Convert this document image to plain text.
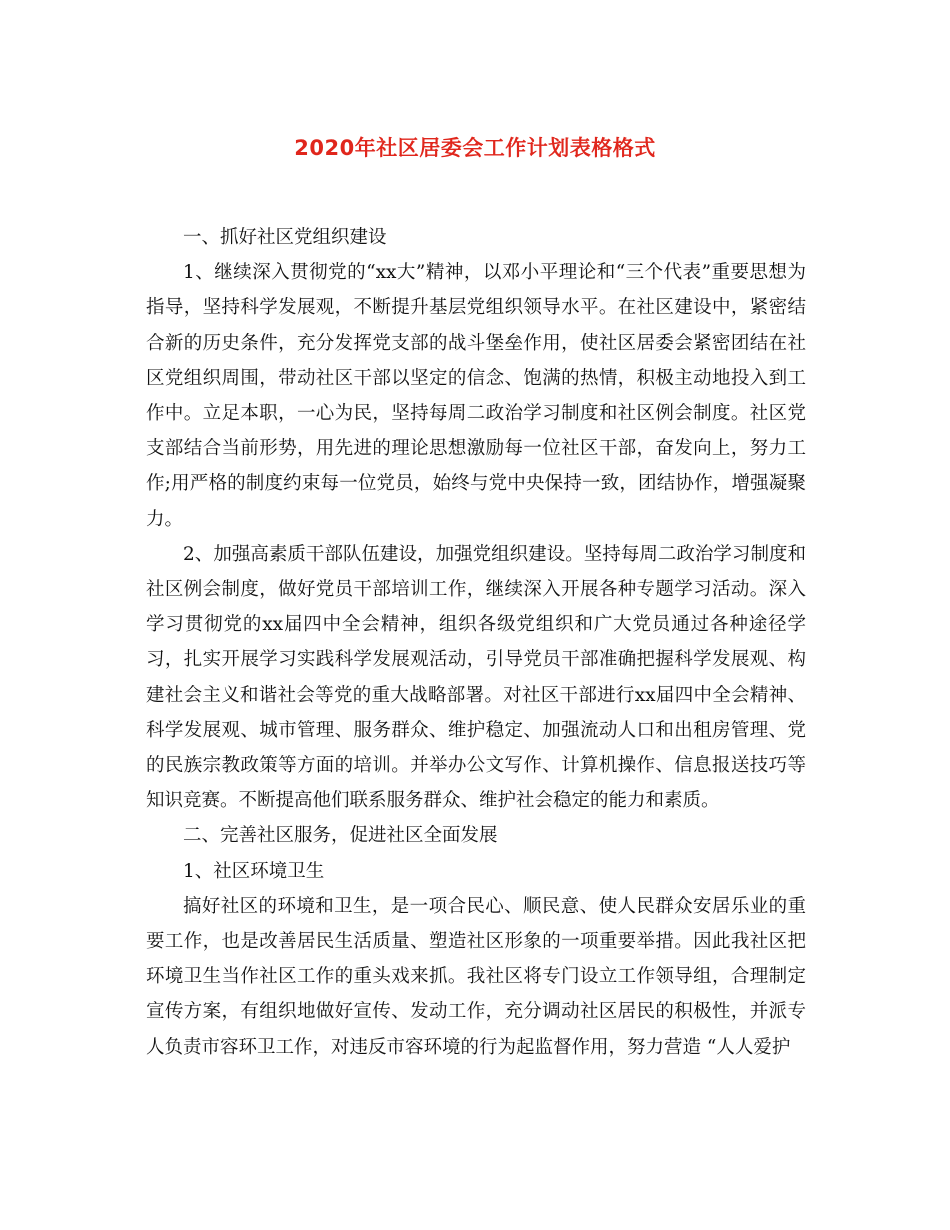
2020年社区居委会工作计划表格格式

一、抓好社区党组织建设

1、继续深入贯彻党的“xx大”精神，以邓小平理论和“三个代表”重要思想为指导，坚持科学发展观，不断提升基层党组织领导水平。在社区建设中，紧密结合新的历史条件，充分发挥党支部的战斗堡垒作用，使社区居委会紧密团结在社区党组织周围，带动社区干部以坚定的信念、饱满的热情，积极主动地投入到工作中。立足本职，一心为民，坚持每周二政治学习制度和社区例会制度。社区党支部结合当前形势，用先进的理论思想激励每一位社区干部，奋发向上，努力工作;用严格的制度约束每一位党员，始终与党中央保持一致，团结协作，增强凝聚力。

2、加强高素质干部队伍建设，加强党组织建设。坚持每周二政治学习制度和社区例会制度，做好党员干部培训工作，继续深入开展各种专题学习活动。深入学习贯彻党的xx届四中全会精神，组织各级党组织和广大党员通过各种途径学习，扎实开展学习实践科学发展观活动，引导党员干部准确把握科学发展观、构建社会主义和谐社会等党的重大战略部署。对社区干部进行xx届四中全会精神、科学发展观、城市管理、服务群众、维护稳定、加强流动人口和出租房管理、党的民族宗教政策等方面的培训。并举办公文写作、计算机操作、信息报送技巧等知识竞赛。不断提高他们联系服务群众、维护社会稳定的能力和素质。

二、完善社区服务，促进社区全面发展

1、社区环境卫生

搞好社区的环境和卫生，是一项合民心、顺民意、使人民群众安居乐业的重要工作，也是改善居民生活质量、塑造社区形象的一项重要举措。因此我社区把环境卫生当作社区工作的重头戏来抓。我社区将专门设立工作领导组，合理制定宣传方案，有组织地做好宣传、发动工作，充分调动社区居民的积极性，并派专人负责市容环卫工作，对违反市容环境的行为起监督作用，努力营造 “人人爱护
